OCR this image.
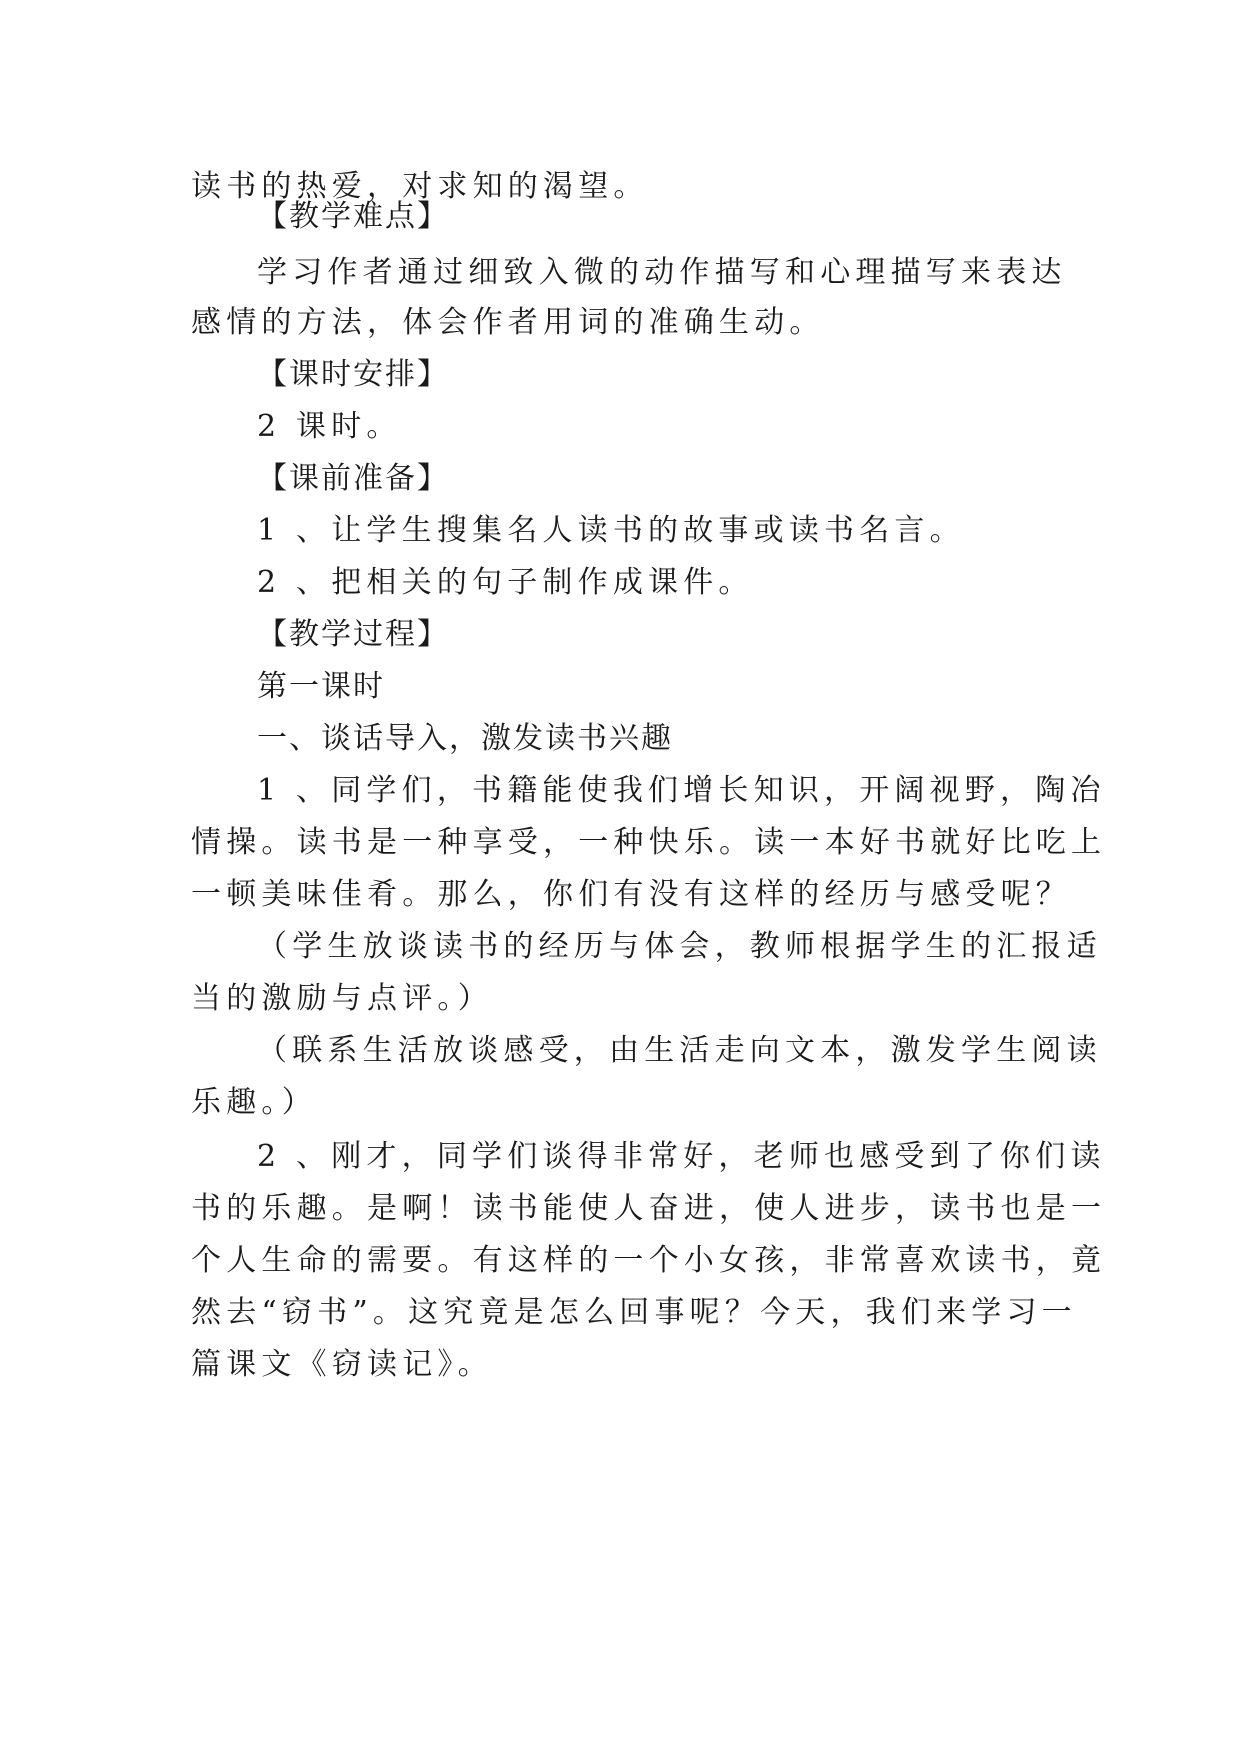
读书的热爱，对求知的渴望。
【教学难点】
学习作者通过细致入微的动作描写和心理描写来表达
感情的方法，体会作者用词的准确生动。
【课时安排】
2 课时。
【课前准备】
1 、让学生搜集名人读书的故事或读书名言。
2 、把相关的句子制作成课件。
【教学过程】
第一课时
一、谈话导入，激发读书兴趣
1 、同学们，书籍能使我们增长知识，开阔视野，陶冶
情操。读书是一种享受，一种快乐。读一本好书就好比吃上
一顿美味佳肴。那么，你们有没有这样的经历与感受呢？
（学生放谈读书的经历与体会，教师根据学生的汇报适
当的激励与点评。）
（联系生活放谈感受，由生活走向文本，激发学生阅读
乐趣。）
2 、刚才，同学们谈得非常好，老师也感受到了你们读
书的乐趣。是啊！读书能使人奋进，使人进步，读书也是一
个人生命的需要。有这样的一个小女孩，非常喜欢读书，竟
然去“窃书”。这究竟是怎么回事呢？今天，我们来学习一
篇课文《窃读记》。
